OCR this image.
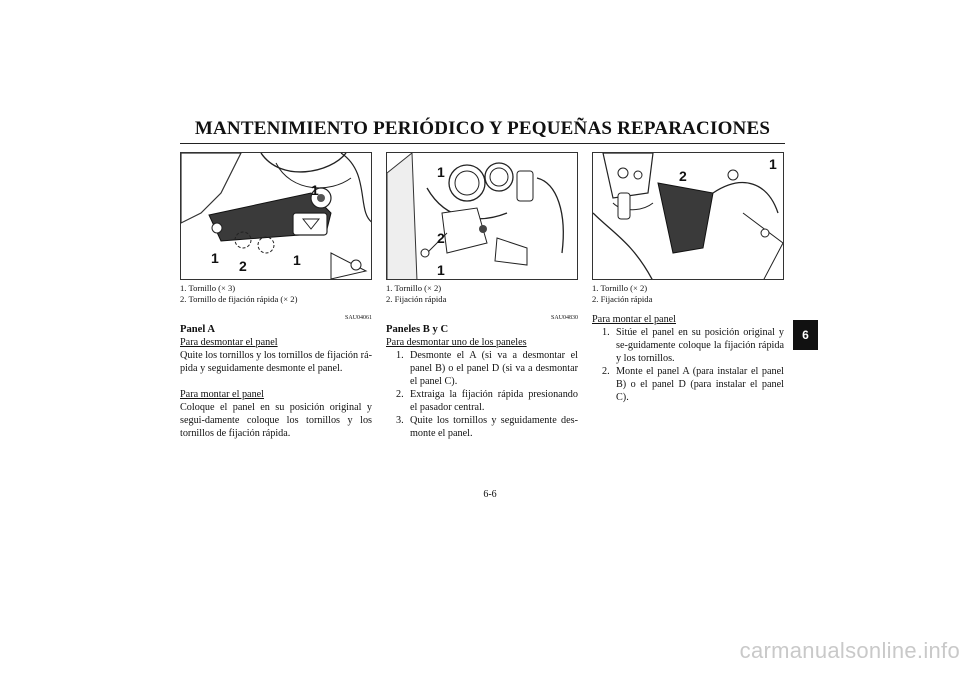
MANTENIMIENTO PERIÓDICO Y PEQUEÑAS REPARACIONES
1
1 2	1
1. Tornillo (× 3)
2. Tornillo de fijación rápida (× 2)
SAU04061
Panel A
Para desmontar el panel
Quite los tornillos y los tornillos de fijación rá-pida y seguidamente desmonte el panel.
Para montar el panel
Coloque el panel en su posición original y segui-damente coloque los tornillos y los tornillos de fijación rápida.
1
2
1
1. Tornillo (× 2)
2. Fijación rápida
SAU04830
Paneles B y C
Para desmontar uno de los paneles
1. Desmonte el A (si va a desmontar el panel B) o el panel D (si va a desmontar el panel C).
2. Extraiga la fijación rápida presionando el pasador central.
3. Quite los tornillos y seguidamente des-monte el panel.
2
1
1. Tornillo (× 2)
2. Fijación rápida
Para montar el panel
1. Sitúe el panel en su posición original y se-guidamente coloque la fijación rápida y los tornillos.
2. Monte el panel A (para instalar el panel B) o el panel D (para instalar el panel C).
6
6-6
carmanualsonline.info
